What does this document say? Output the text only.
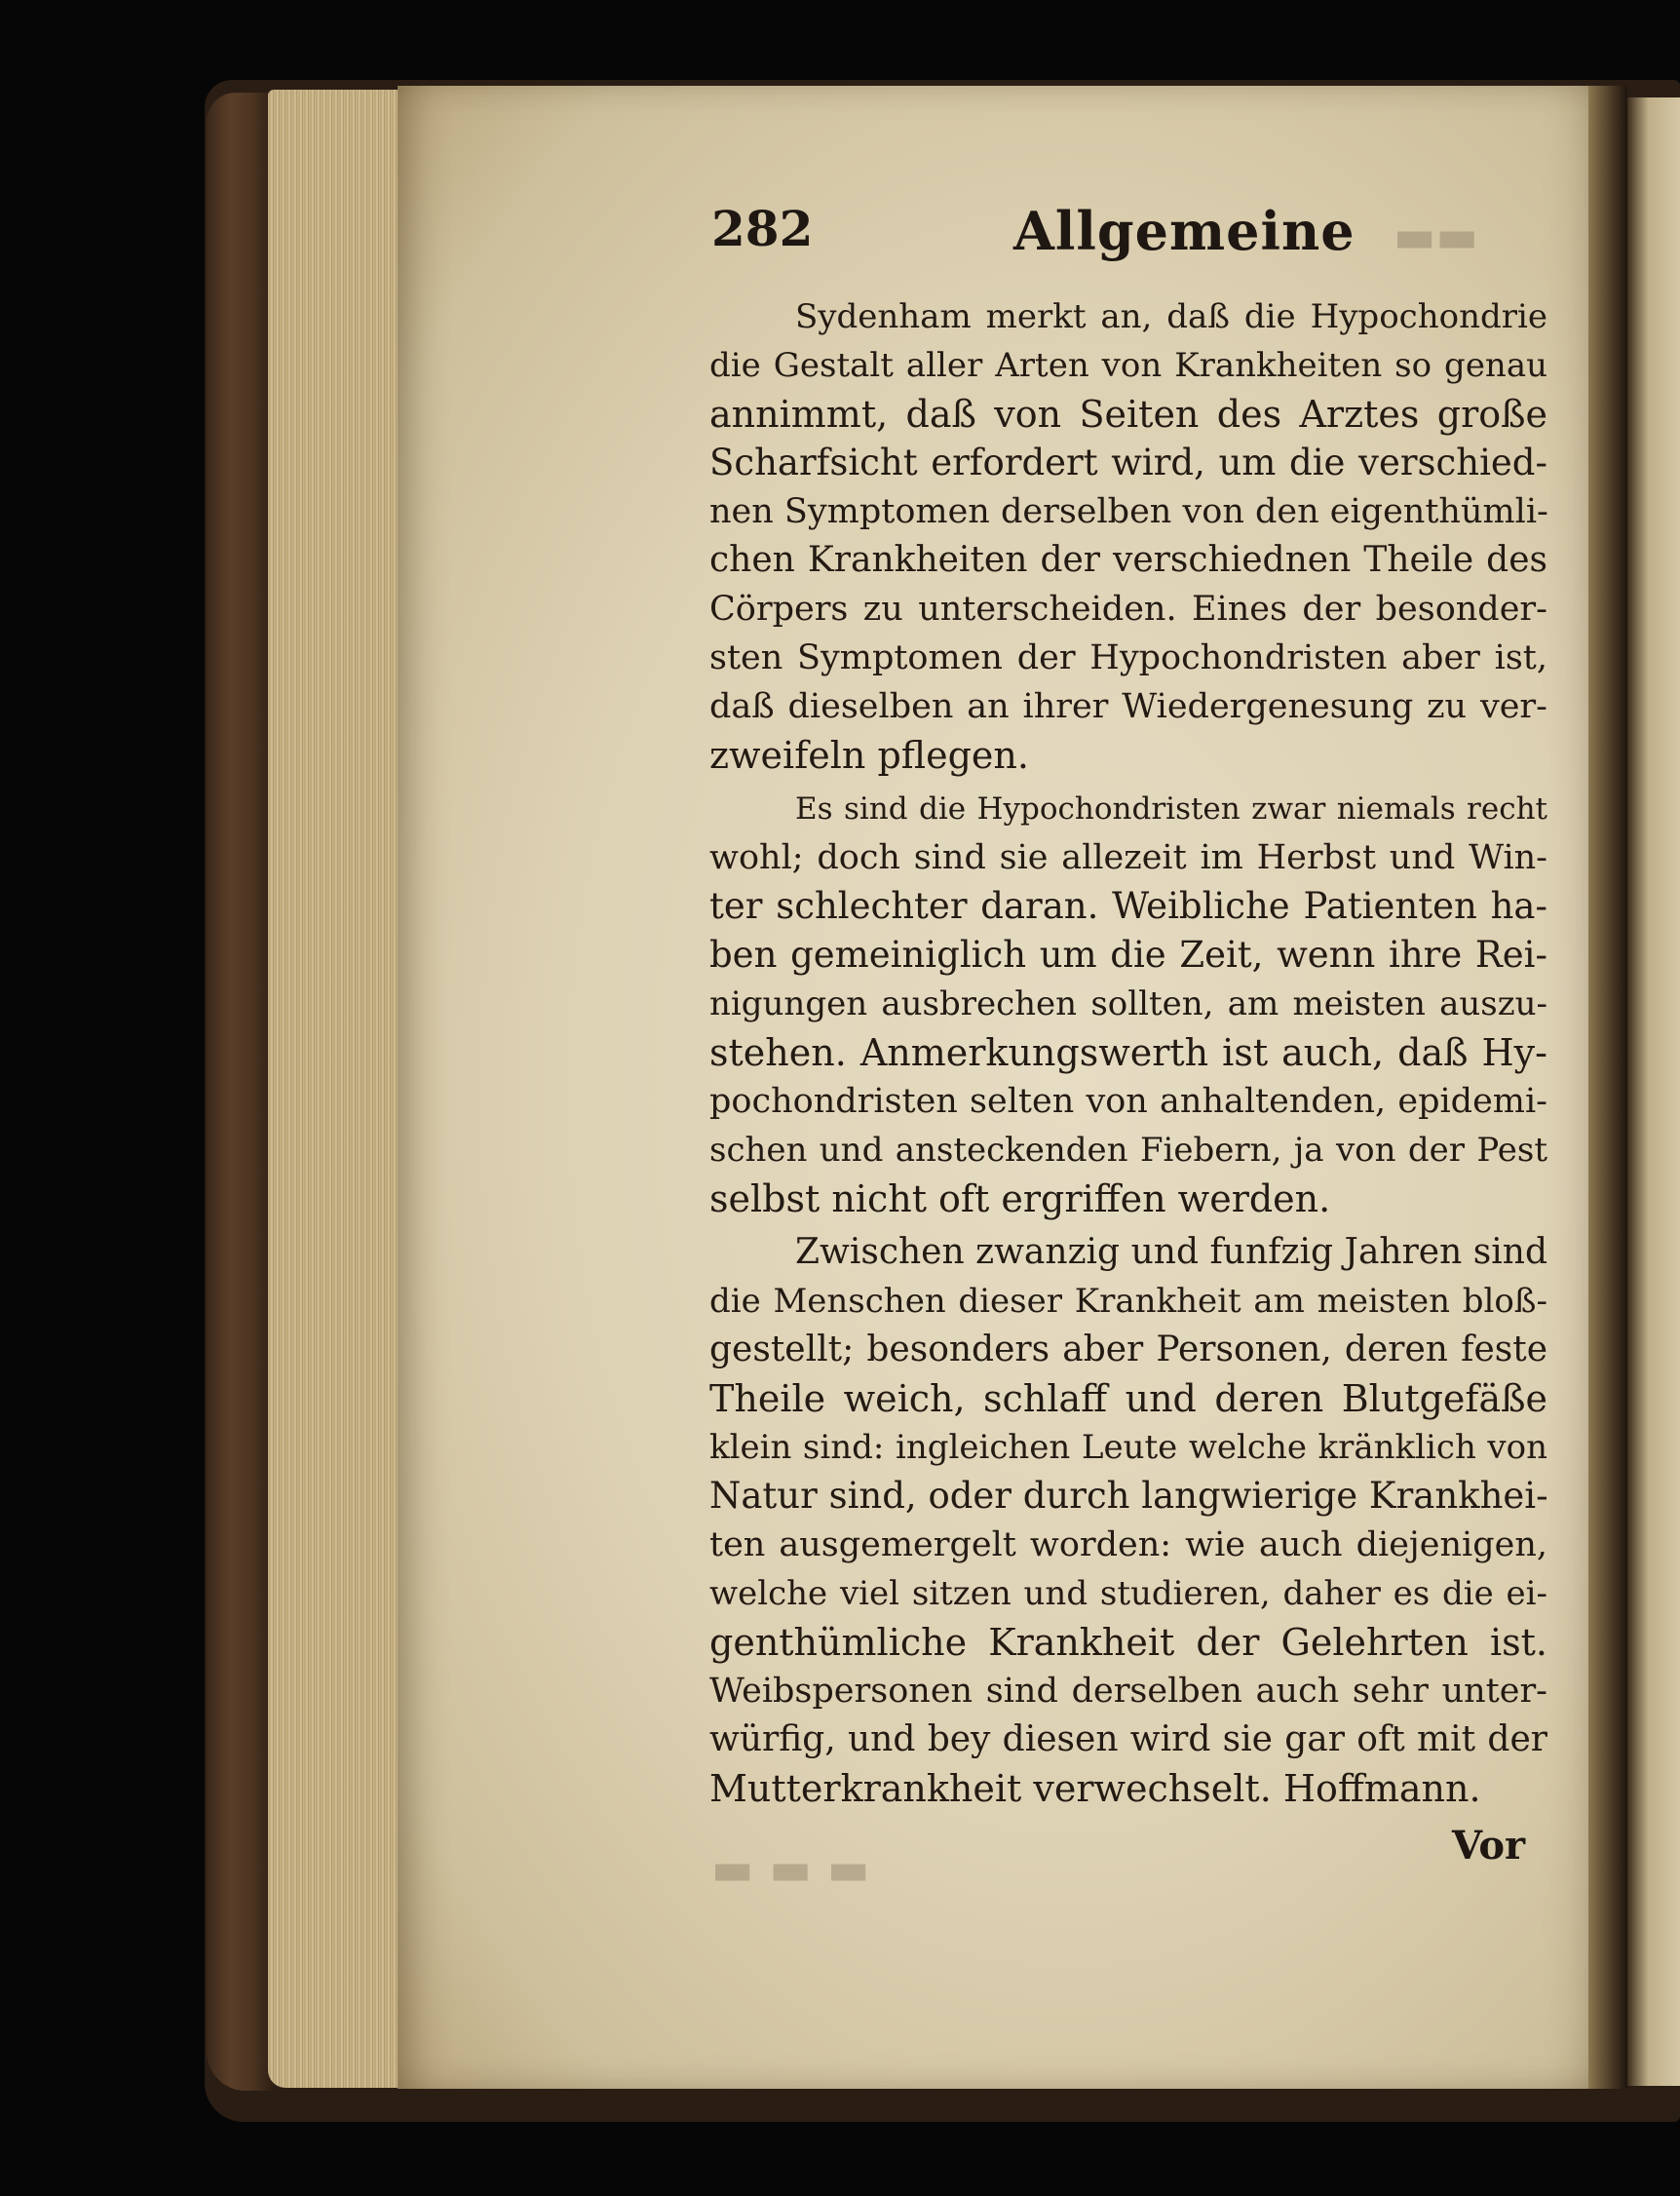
▬▬
▬ ▬ ▬
282	Allgemeine
Sydenham merkt an, daß die Hypochondrie
die Gestalt aller Arten von Krankheiten so genau
annimmt, daß von Seiten des Arztes große
Scharfsicht erfordert wird, um die verschied-
nen Symptomen derselben von den eigenthümli-
chen Krankheiten der verschiednen Theile des
Cörpers zu unterscheiden. Eines der besonder-
sten Symptomen der Hypochondristen aber ist,
daß dieselben an ihrer Wiedergenesung zu ver-
zweifeln pflegen.
Es sind die Hypochondristen zwar niemals recht
wohl; doch sind sie allezeit im Herbst und Win-
ter schlechter daran. Weibliche Patienten ha-
ben gemeiniglich um die Zeit, wenn ihre Rei-
nigungen ausbrechen sollten, am meisten auszu-
stehen. Anmerkungswerth ist auch, daß Hy-
pochondristen selten von anhaltenden, epidemi-
schen und ansteckenden Fiebern, ja von der Pest
selbst nicht oft ergriffen werden.
Zwischen zwanzig und funfzig Jahren sind
die Menschen dieser Krankheit am meisten bloß-
gestellt; besonders aber Personen, deren feste
Theile weich, schlaff und deren Blutgefäße
klein sind: ingleichen Leute welche kränklich von
Natur sind, oder durch langwierige Krankhei-
ten ausgemergelt worden: wie auch diejenigen,
welche viel sitzen und studieren, daher es die ei-
genthümliche Krankheit der Gelehrten ist.
Weibspersonen sind derselben auch sehr unter-
würfig, und bey diesen wird sie gar oft mit der
Mutterkrankheit verwechselt. Hoffmann.
Vor
